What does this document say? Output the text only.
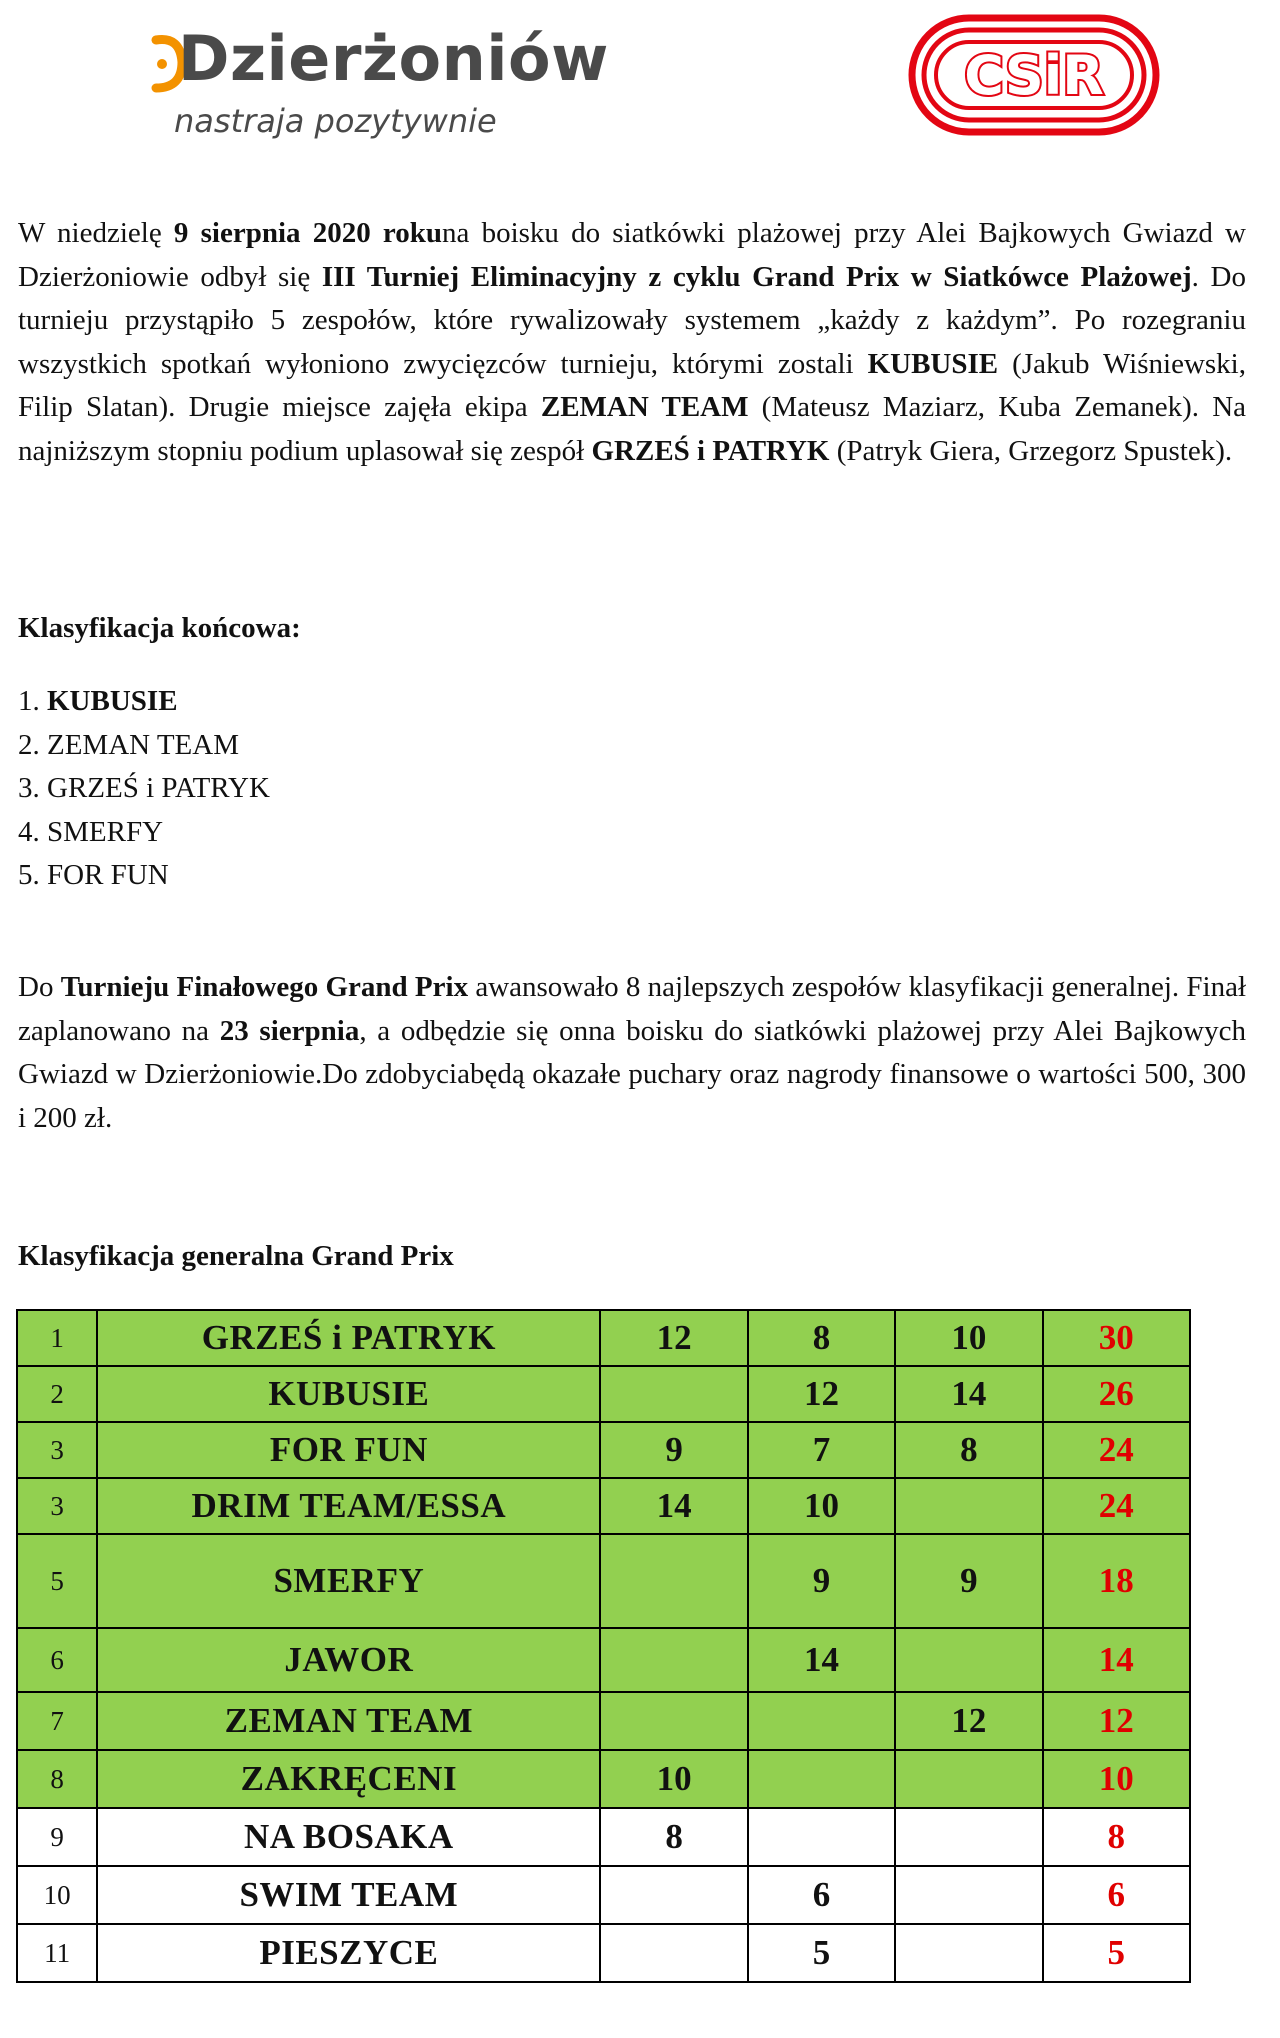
Dzierżoniów
nastraja pozytywnie
CSiR
W niedzielę 9 sierpnia 2020 rokuna boisku do siatkówki plażowej przy Alei Bajkowych Gwiazd w Dzierżoniowie odbył się III Turniej Eliminacyjny z cyklu Grand Prix w Siatkówce Plażowej. Do turnieju przystąpiło 5 zespołów, które rywalizowały systemem „każdy z każdym”. Po rozegraniu wszystkich spotkań wyłoniono zwycięzców turnieju, którymi zostali KUBUSIE (Jakub Wiśniewski, Filip Slatan). Drugie miejsce zajęła ekipa ZEMAN TEAM (Mateusz Maziarz, Kuba Zemanek). Na najniższym stopniu podium uplasował się zespół GRZEŚ i PATRYK (Patryk Giera, Grzegorz Spustek).
Klasyfikacja końcowa:
1. KUBUSIE
2. ZEMAN TEAM
3. GRZEŚ i PATRYK
4. SMERFY
5. FOR FUN
Do Turnieju Finałowego Grand Prix awansowało 8 najlepszych zespołów klasyfikacji generalnej. Finał zaplanowano na 23 sierpnia, a odbędzie się onna boisku do siatkówki plażowej przy Alei Bajkowych Gwiazd w Dzierżoniowie.Do zdobyciabędą okazałe puchary oraz nagrody finansowe o wartości 500, 300 i 200 zł.
Klasyfikacja generalna Grand Prix
1	GRZEŚ i PATRYK	12	8	10	30
2	KUBUSIE		12	14	26
3	FOR FUN	9	7	8	24
3	DRIM TEAM/ESSA	14	10		24
5	SMERFY		9	9	18
6	JAWOR		14		14
7	ZEMAN TEAM			12	12
8	ZAKRĘCENI	10			10
9	NA BOSAKA	8			8
10	SWIM TEAM		6		6
11	PIESZYCE		5		5
